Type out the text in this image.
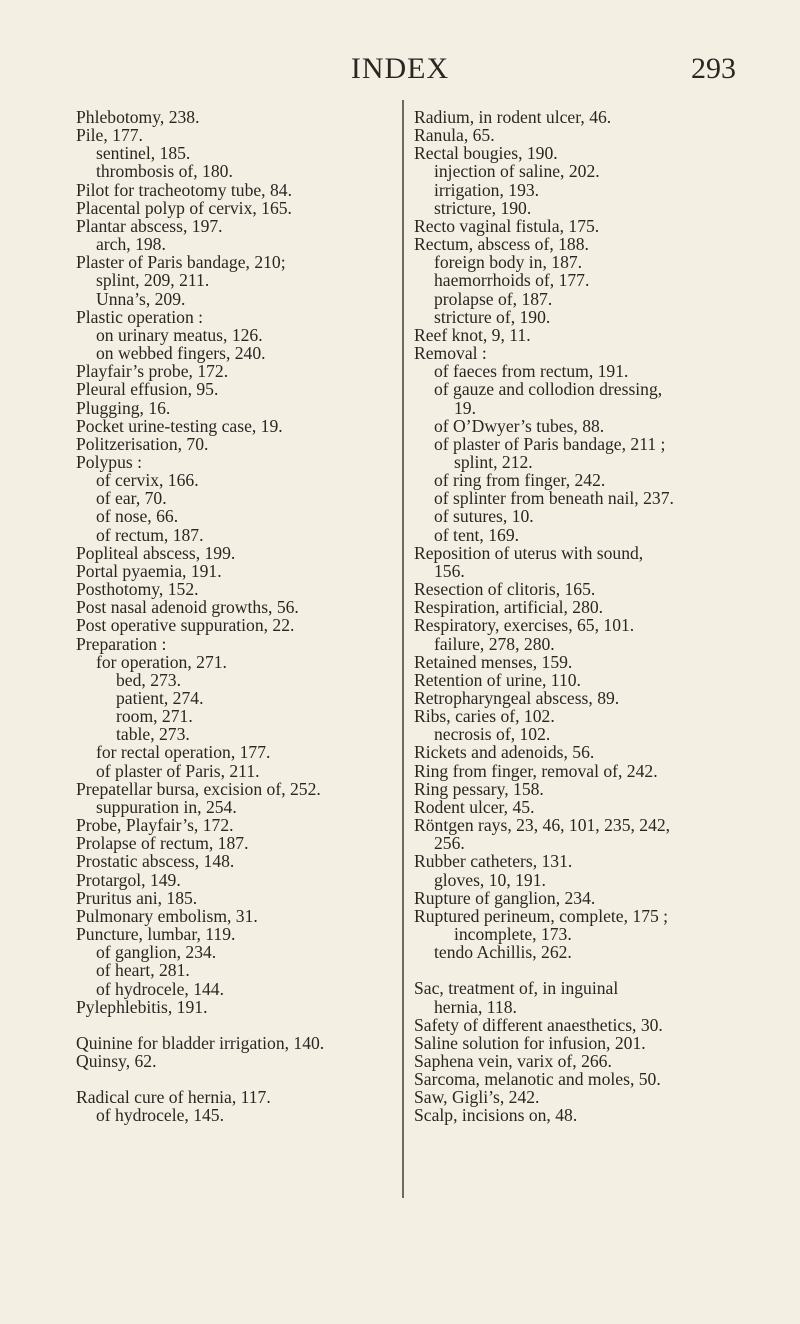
INDEX	293
Phlebotomy, 238.
Pile, 177.
sentinel, 185.
thrombosis of, 180.
Pilot for tracheotomy tube, 84.
Placental polyp of cervix, 165.
Plantar abscess, 197.
arch, 198.
Plaster of Paris bandage, 210;
splint, 209, 211.
Unna’s, 209.
Plastic operation :
on urinary meatus, 126.
on webbed fingers, 240.
Playfair’s probe, 172.
Pleural effusion, 95.
Plugging, 16.
Pocket urine-testing case, 19.
Politzerisation, 70.
Polypus :
of cervix, 166.
of ear, 70.
of nose, 66.
of rectum, 187.
Popliteal abscess, 199.
Portal pyaemia, 191.
Posthotomy, 152.
Post nasal adenoid growths, 56.
Post operative suppuration, 22.
Preparation :
for operation, 271.
bed, 273.
patient, 274.
room, 271.
table, 273.
for rectal operation, 177.
of plaster of Paris, 211.
Prepatellar bursa, excision of, 252.
suppuration in, 254.
Probe, Playfair’s, 172.
Prolapse of rectum, 187.
Prostatic abscess, 148.
Protargol, 149.
Pruritus ani, 185.
Pulmonary embolism, 31.
Puncture, lumbar, 119.
of ganglion, 234.
of heart, 281.
of hydrocele, 144.
Pylephlebitis, 191.
Quinine for bladder irrigation, 140.
Quinsy, 62.
Radical cure of hernia, 117.
of hydrocele, 145.
Radium, in rodent ulcer, 46.
Ranula, 65.
Rectal bougies, 190.
injection of saline, 202.
irrigation, 193.
stricture, 190.
Recto vaginal fistula, 175.
Rectum, abscess of, 188.
foreign body in, 187.
haemorrhoids of, 177.
prolapse of, 187.
stricture of, 190.
Reef knot, 9, 11.
Removal :
of faeces from rectum, 191.
of gauze and collodion dressing,
19.
of O’Dwyer’s tubes, 88.
of plaster of Paris bandage, 211 ;
splint, 212.
of ring from finger, 242.
of splinter from beneath nail, 237.
of sutures, 10.
of tent, 169.
Reposition of uterus with sound,
156.
Resection of clitoris, 165.
Respiration, artificial, 280.
Respiratory, exercises, 65, 101.
failure, 278, 280.
Retained menses, 159.
Retention of urine, 110.
Retropharyngeal abscess, 89.
Ribs, caries of, 102.
necrosis of, 102.
Rickets and adenoids, 56.
Ring from finger, removal of, 242.
Ring pessary, 158.
Rodent ulcer, 45.
Röntgen rays, 23, 46, 101, 235, 242,
256.
Rubber catheters, 131.
gloves, 10, 191.
Rupture of ganglion, 234.
Ruptured perineum, complete, 175 ;
incomplete, 173.
tendo Achillis, 262.
Sac, treatment of, in inguinal
hernia, 118.
Safety of different anaesthetics, 30.
Saline solution for infusion, 201.
Saphena vein, varix of, 266.
Sarcoma, melanotic and moles, 50.
Saw, Gigli’s, 242.
Scalp, incisions on, 48.
